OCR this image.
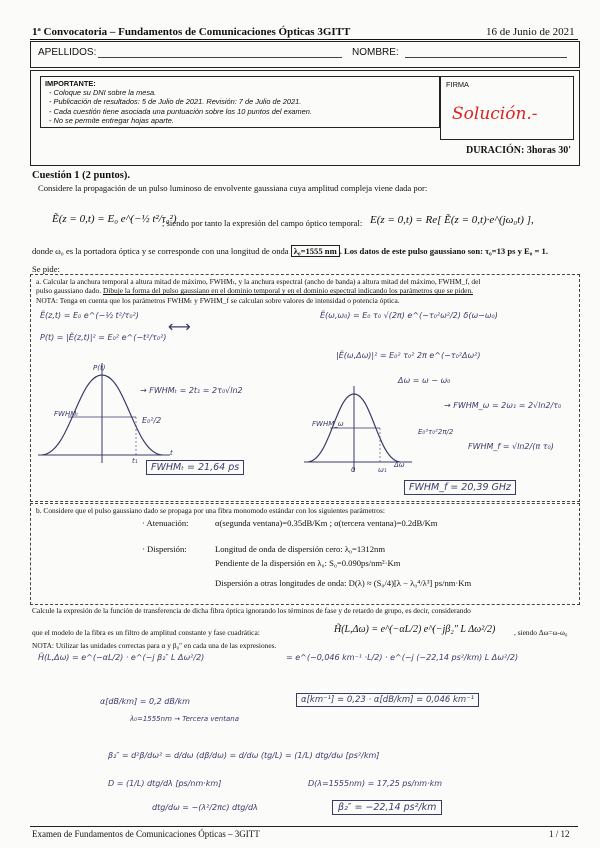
1ª Convocatoria – Fundamentos de Comunicaciones Ópticas 3GITT	16 de Junio de 2021
APELLIDOS:	NOMBRE:
IMPORTANTE:
- Coloque su DNI sobre la mesa.
- Publicación de resultados: 5 de Julio de 2021. Revisión: 7 de Julio de 2021.
- Cada cuestión tiene asociada una puntuación sobre los 10 puntos del examen.
- No se permite entregar hojas aparte.
FIRMA
Solución.-
DURACIÓN: 3horas 30'
Cuestión 1 (2 puntos).
Considere la propagación de un pulso luminoso de envolvente gaussiana cuya amplitud compleja viene dada por:
Ẽ(z = 0,t) = E₀ e^(−½ t²/τ₀²)
; siendo por tanto la expresión del campo óptico temporal: E(z = 0,t) = Re[ Ẽ(z = 0,t)·e^(jω₀t) ],
donde ω₀ es la portadora óptica y se corresponde con una longitud de onda λ₀=1555 nm . Los datos de este pulso gaussiano son: τ₀=13 ps y E₀ = 1.
Se pide:
a. Calcular la anchura temporal a altura mitad de máximo, FWHMₜ, y la anchura espectral (ancho de banda) a altura mitad del máximo, FWHM_f, del
pulso gaussiano dado. Dibuje la forma del pulso gaussiano en el dominio temporal y en el dominio espectral indicando los parámetros que se piden.
NOTA: Tenga en cuenta que los parámetros FWHMₜ y FWHM_f se calculan sobre valores de intensidad o potencia óptica.
Ẽ(z,t) = E₀ e^(−½ t²/τ₀²)
P(t) = |Ẽ(z,t)|² = E₀² e^(−t²/τ₀²)
⟷
P(t)
FWHMₜ
→ FWHMₜ = 2t₁ = 2τ₀√ln2
E₀²/2
t₁
t
FWHMₜ = 21,64 ps
Ẽ(ω,ω₀) = E₀ τ₀ √(2π) e^(−τ₀²ω²/2) δ(ω−ω₀)
|Ẽ(ω,Δω)|² = E₀² τ₀² 2π e^(−τ₀²Δω²)
Δω = ω − ω₀
→ FWHM_ω = 2ω₁ = 2√ln2/τ₀
E₀²τ₀²2π/2
FWHM_f = √ln2/(π τ₀)
FWHM_ω
Δω
0	ω₁
FWHM_f = 20,39 GHz
b. Considere que el pulso gaussiano dado se propaga por una fibra monomodo estándar con los siguientes parámetros:
· Atenuación:	α(segunda ventana)=0.35dB/Km ; α(tercera ventana)=0.2dB/Km
· Dispersión:	Longitud de onda de dispersión cero: λ₀=1312nm
Pendiente de la dispersión en λ₀: S₀=0.090ps/nm²·Km
Dispersión a otras longitudes de onda: D(λ) ≈ (S₀/4)[λ − λ₀⁴/λ³] ps/nm·Km
Calcule la expresión de la función de transferencia de dicha fibra óptica ignorando los términos de fase y de retardo de grupo, es decir, considerando
que el modelo de la fibra es un filtro de amplitud constante y fase cuadrática:	H̃(L,Δω) = e^(−αL/2) e^(−jβ₂″ L Δω²/2)	, siendo Δω=ω-ω₀
NOTA: Utilizar las unidades correctas para α y β₀″ en cada una de las expresiones.
H̃(L,Δω) = e^(−αL/2) · e^(−j β₂″ L Δω²/2)	= e^(−0,046 km⁻¹ ·L/2) · e^(−j (−22,14 ps²/km) L Δω²/2)
α[dB/km] = 0,2 dB/km	α[km⁻¹] = 0,23 · α[dB/km] = 0,046 km⁻¹
λ₀=1555nm → Tercera ventana
β₂″ = d²β/dω² = d/dω (dβ/dω) = d/dω (tg/L) = (1/L) dtg/dω [ps²/km]
D = (1/L) dtg/dλ [ps/nm·km]	D(λ=1555nm) = 17,25 ps/nm·km
dtg/dω = −(λ²/2πc) dtg/dλ	β₂″ = −22,14 ps²/km
Examen de Fundamentos de Comunicaciones Ópticas – 3GITT	1 / 12
